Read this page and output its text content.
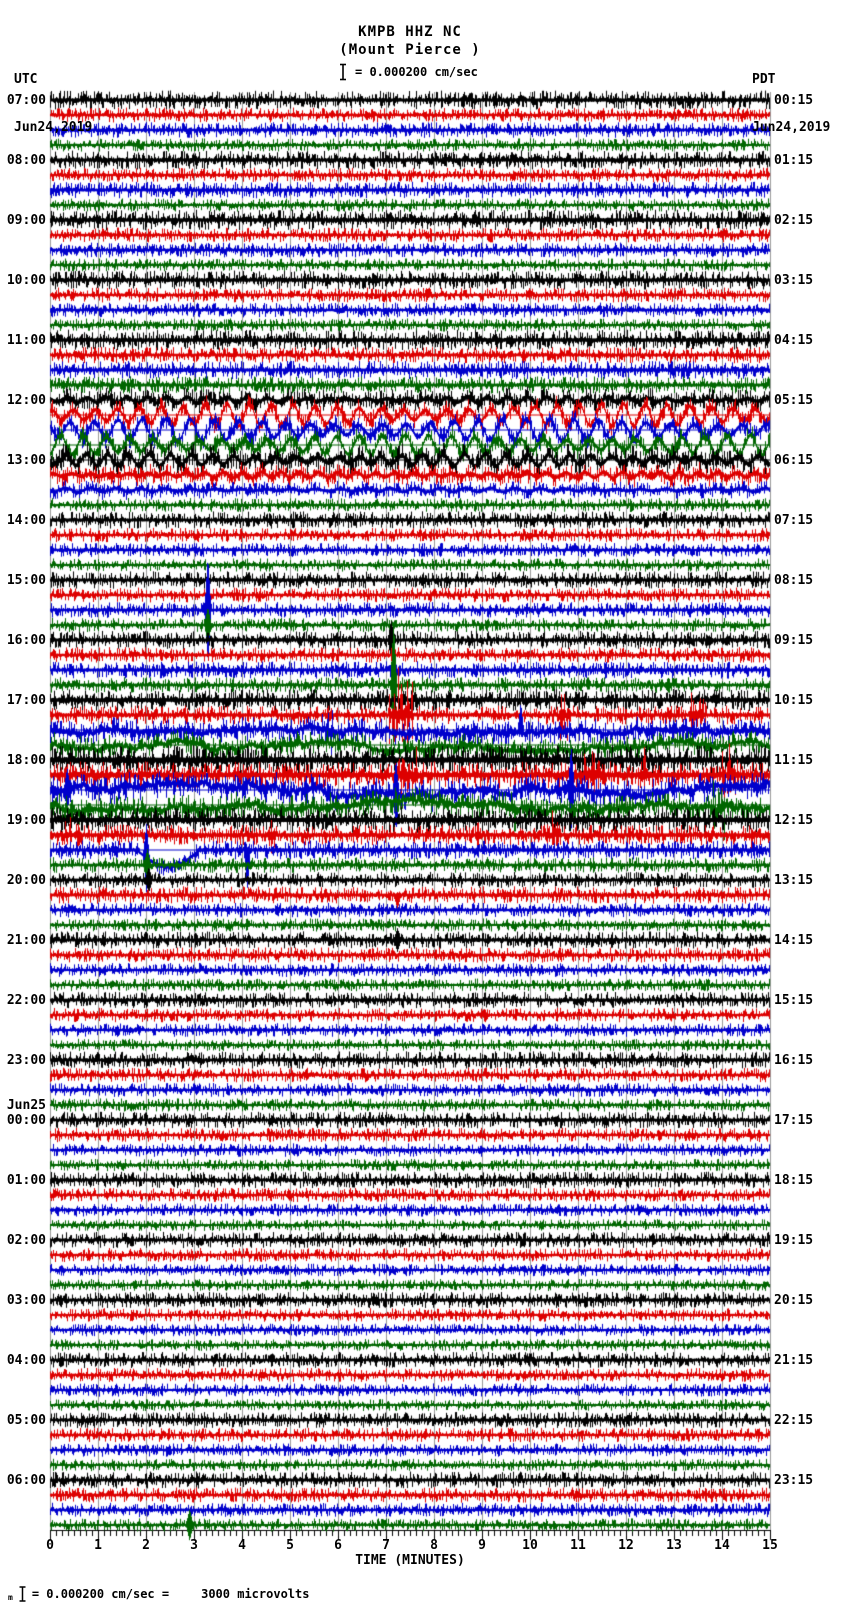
UTC

Jun24,2019

PDT

Jun24,2019

KMPB HHZ NC
(Mount Pierce )
= 0.000200 cm/sec
TIME (MINUTES)
m = 0.000200 cm/sec =	3000 microvolts
07:00
08:00
09:00
10:00
11:00
12:00
13:00
14:00
15:00
16:00
17:00
18:00
19:00
20:00
21:00
22:00
23:00
00:00
Jun25
01:00
02:00
03:00
04:00
05:00
06:00
00:15
01:15
02:15
03:15
04:15
05:15
06:15
07:15
08:15
09:15
10:15
11:15
12:15
13:15
14:15
15:15
16:15
17:15
18:15
19:15
20:15
21:15
22:15
23:15
0	1	2	3	4	5	6	7	8	9	10	11	12	13	14	15
